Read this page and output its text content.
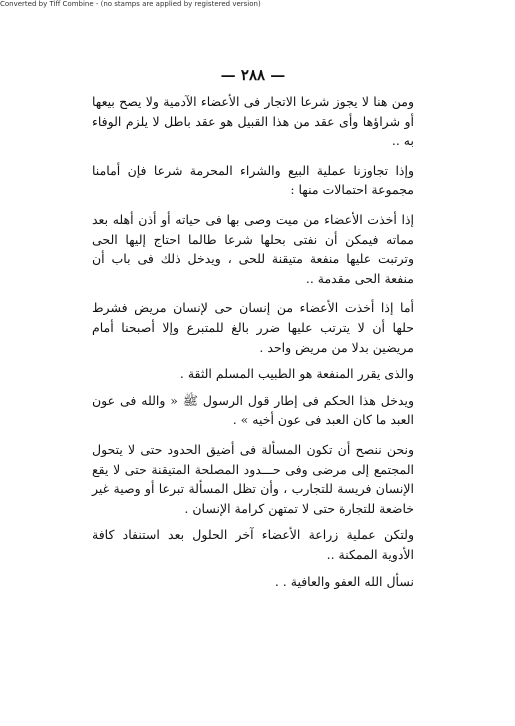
Converted by Tiff Combine - (no stamps are applied by registered version)
— ٢٨٨ —

ومن هنا لا يجوز شرعا الاتجار فى الأعضاء الآدمية ولا يصح بيعها أو شراؤها وأى عقد من هذا القبيل هو عقد باطل لا يلزم الوفاء به ..

وإذا تجاوزنا عملية البيع والشراء المحرمة شرعا فإن أمامنا مجموعة احتمالات منها :

إذا أخذت الأعضاء من ميت وصى بها فى حياته أو أذن أهله بعد مماته فيمكن أن نفتى بحلها شرعا طالما احتاج إليها الحى وترتبت عليها منفعة متيقنة للحى ، ويدخل ذلك فى باب أن منفعة الحى مقدمة ..

أما إذا أخذت الأعضاء من إنسان حى لإنسان مريض فشرط حلها أن لا يترتب عليها ضرر بالغ للمتبرع وإلا أصبحنا أمام مريضين بدلا من مريض واحد .

والذى يقرر المنفعة هو الطبيب المسلم الثقة .

ويدخل هذا الحكم فى إطار قول الرسول ﷺ « والله فى عون العبد ما كان العبد فى عون أخيه » .

ونحن ننصح أن تكون المسألة فى أضيق الحدود حتى لا يتحول المجتمع إلى مرضى وفى حـــدود المصلحة المتيقنة حتى لا يقع الإنسان فريسة للتجارب ، وأن تظل المسألة تبرعا أو وصية غير خاضعة للتجارة حتى لا تمتهن كرامة الإنسان .

ولتكن عملية زراعة الأعضاء آخر الحلول بعد استنفاد كافة الأدوية الممكنة ..

نسأل الله العفو والعافية . .
